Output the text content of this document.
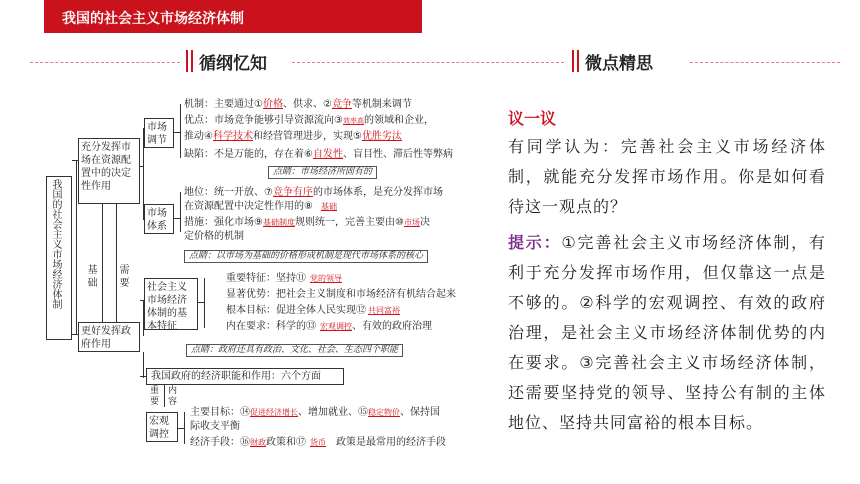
我国的社会主义市场经济体制
循纲忆知	微点精思
我国的社会主义市场经济体制
充分发挥市场在资源配置中的决定性作用
更好发挥政府作用
基础
需要
市场调节
市场体系
机制：主要通过①价格、供求、②竞争等机制来调节
优点：市场竞争能够引导资源流向③效率高的领域和企业，
推动④科学技术和经营管理进步，实现⑤优胜劣汰
缺陷：不是万能的，存在着⑥自发性、盲目性、滞后性等弊病
点睛：市场经济所固有的
地位：统一开放、⑦竞争有序的市场体系，是充分发挥市场
在资源配置中决定性作用的⑧ 基础
措施：强化市场⑨基础制度规则统一，完善主要由⑩市场决
定价格的机制
点睛：以市场为基础的价格形成机制是现代市场体系的核心
社会主义市场经济体制的基本特征
重要特征：坚持⑪ 党的领导
显著优势：把社会主义制度和市场经济有机结合起来
根本目标：促进全体人民实现⑫ 共同富裕
内在要求：科学的⑬ 宏观调控、有效的政府治理
点睛：政府还具有政治、文化、社会、生态四个职能
我国政府的经济职能和作用：六个方面
重要
内容
宏观调控
主要目标：⑭促进经济增长、增加就业、⑮稳定物价、保持国
际收支平衡
经济手段：⑯财政政策和⑰ 货币 政策是最常用的经济手段
议一议
有同学认为：完善社会主义市场经济体制，就能充分发挥市场作用。你是如何看待这一观点的？
提示：①完善社会主义市场经济体制，有利于充分发挥市场作用，但仅靠这一点是不够的。②科学的宏观调控、有效的政府治理，是社会主义市场经济体制优势的内在要求。③完善社会主义市场经济体制，还需要坚持党的领导、坚持公有制的主体地位、坚持共同富裕的根本目标。
